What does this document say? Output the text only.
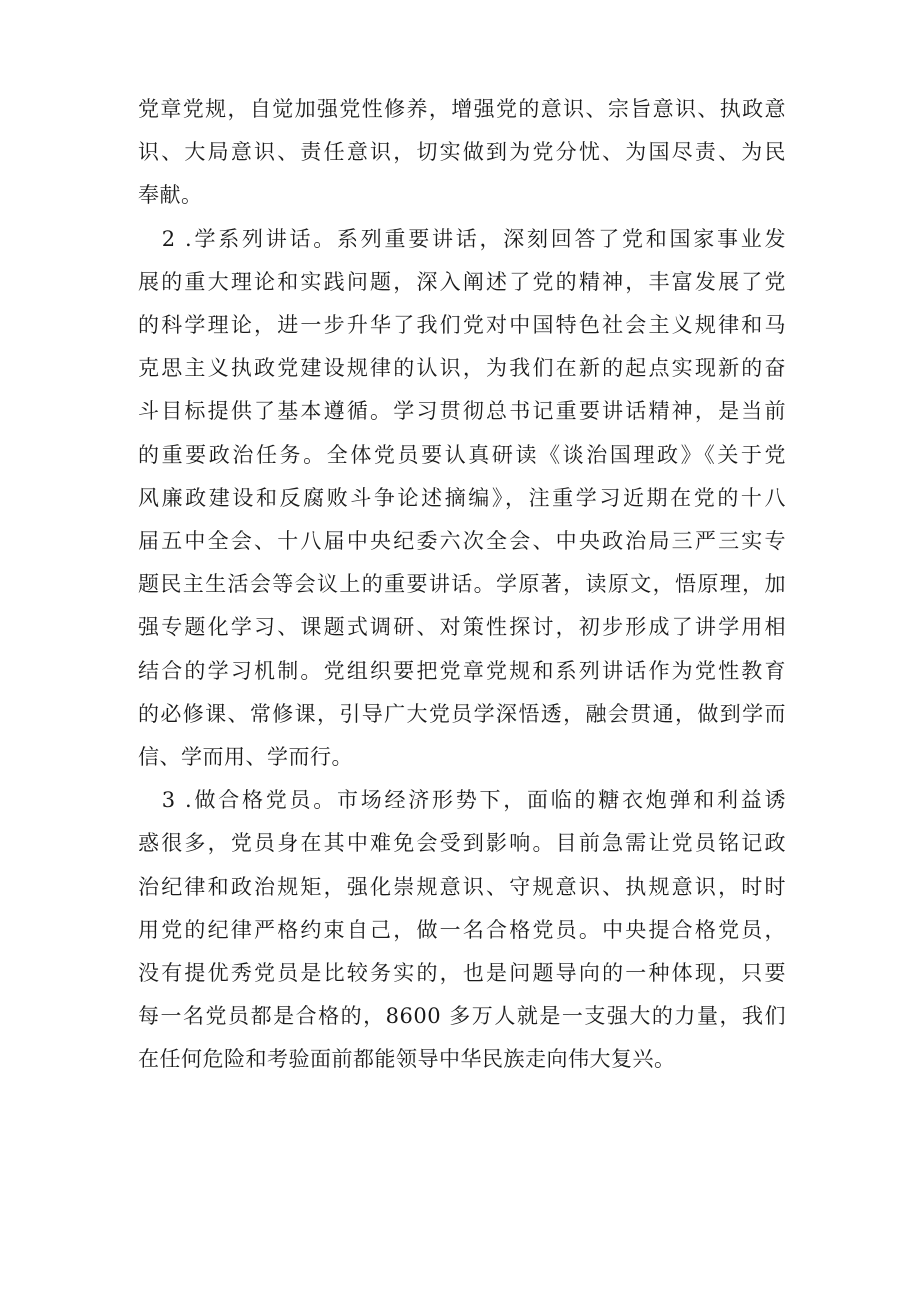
党章党规，自觉加强党性修养，增强党的意识、宗旨意识、执政意
识、大局意识、责任意识，切实做到为党分忧、为国尽责、为民
奉献。
　2 .学系列讲话。系列重要讲话，深刻回答了党和国家事业发
展的重大理论和实践问题，深入阐述了党的精神，丰富发展了党
的科学理论，进一步升华了我们党对中国特色社会主义规律和马
克思主义执政党建设规律的认识，为我们在新的起点实现新的奋
斗目标提供了基本遵循。学习贯彻总书记重要讲话精神，是当前
的重要政治任务。全体党员要认真研读《谈治国理政》《关于党
风廉政建设和反腐败斗争论述摘编》，注重学习近期在党的十八
届五中全会、十八届中央纪委六次全会、中央政治局三严三实专
题民主生活会等会议上的重要讲话。学原著，读原文，悟原理，加
强专题化学习、课题式调研、对策性探讨，初步形成了讲学用相
结合的学习机制。党组织要把党章党规和系列讲话作为党性教育
的必修课、常修课，引导广大党员学深悟透，融会贯通，做到学而
信、学而用、学而行。
　3 .做合格党员。市场经济形势下，面临的糖衣炮弹和利益诱
惑很多，党员身在其中难免会受到影响。目前急需让党员铭记政
治纪律和政治规矩，强化崇规意识、守规意识、执规意识，时时
用党的纪律严格约束自己，做一名合格党员。中央提合格党员，
没有提优秀党员是比较务实的，也是问题导向的一种体现，只要
每一名党员都是合格的，8600 多万人就是一支强大的力量，我们
在任何危险和考验面前都能领导中华民族走向伟大复兴。
